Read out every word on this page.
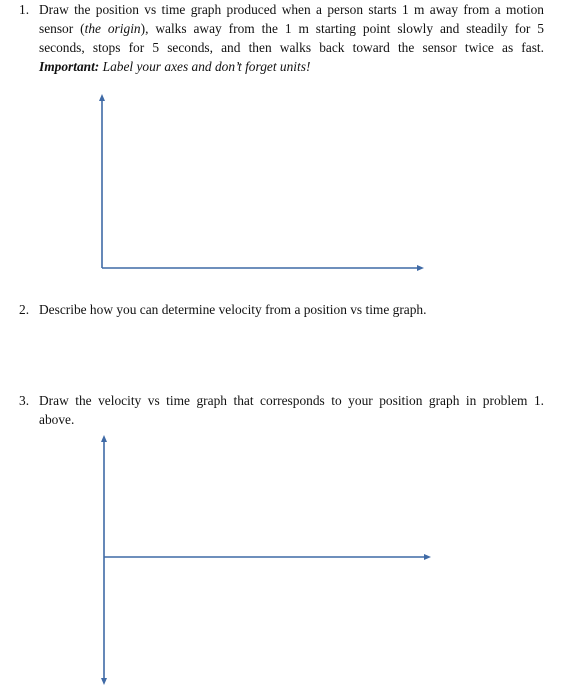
1. Draw the position vs time graph produced when a person starts 1 m away from a motion
sensor (the origin), walks away from the 1 m starting point slowly and steadily for 5
seconds, stops for 5 seconds, and then walks back toward the sensor twice as fast.
Important: Label your axes and don’t forget units!
2. Describe how you can determine velocity from a position vs time graph.
3. Draw the velocity vs time graph that corresponds to your position graph in problem 1.
above.
